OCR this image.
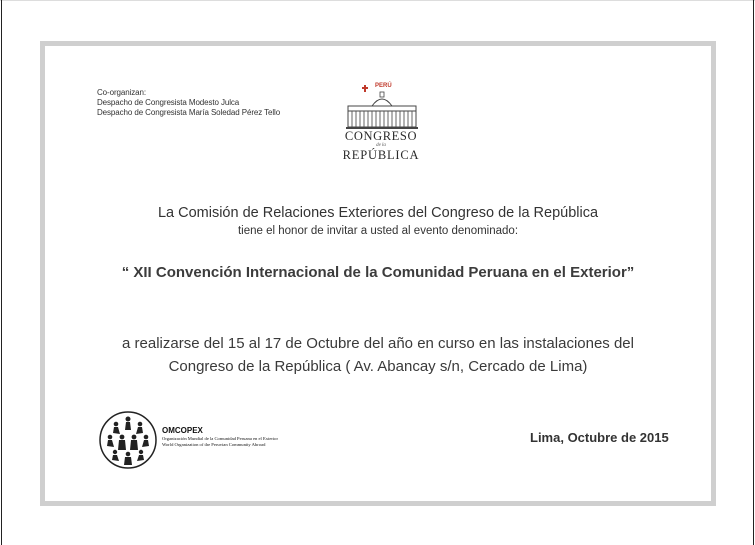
Co-organizan:
Despacho de Congresista Modesto Julca
Despacho de Congresista María Soledad Pérez Tello
PERÚ
CONGRESO
de la
REPÚBLICA
La Comisión de Relaciones Exteriores del Congreso de la República
tiene el honor de invitar a usted al evento denominado:
“ XII Convención Internacional de la Comunidad Peruana en el Exterior”
a realizarse del 15 al 17 de Octubre del año en curso en las instalaciones del
Congreso de la República ( Av. Abancay s/n, Cercado de Lima)
OMCOPEX
Organización Mundial de la Comunidad Peruana en el Exterior
World Organization of the Peruvian Community Abroad	Lima, Octubre de 2015
